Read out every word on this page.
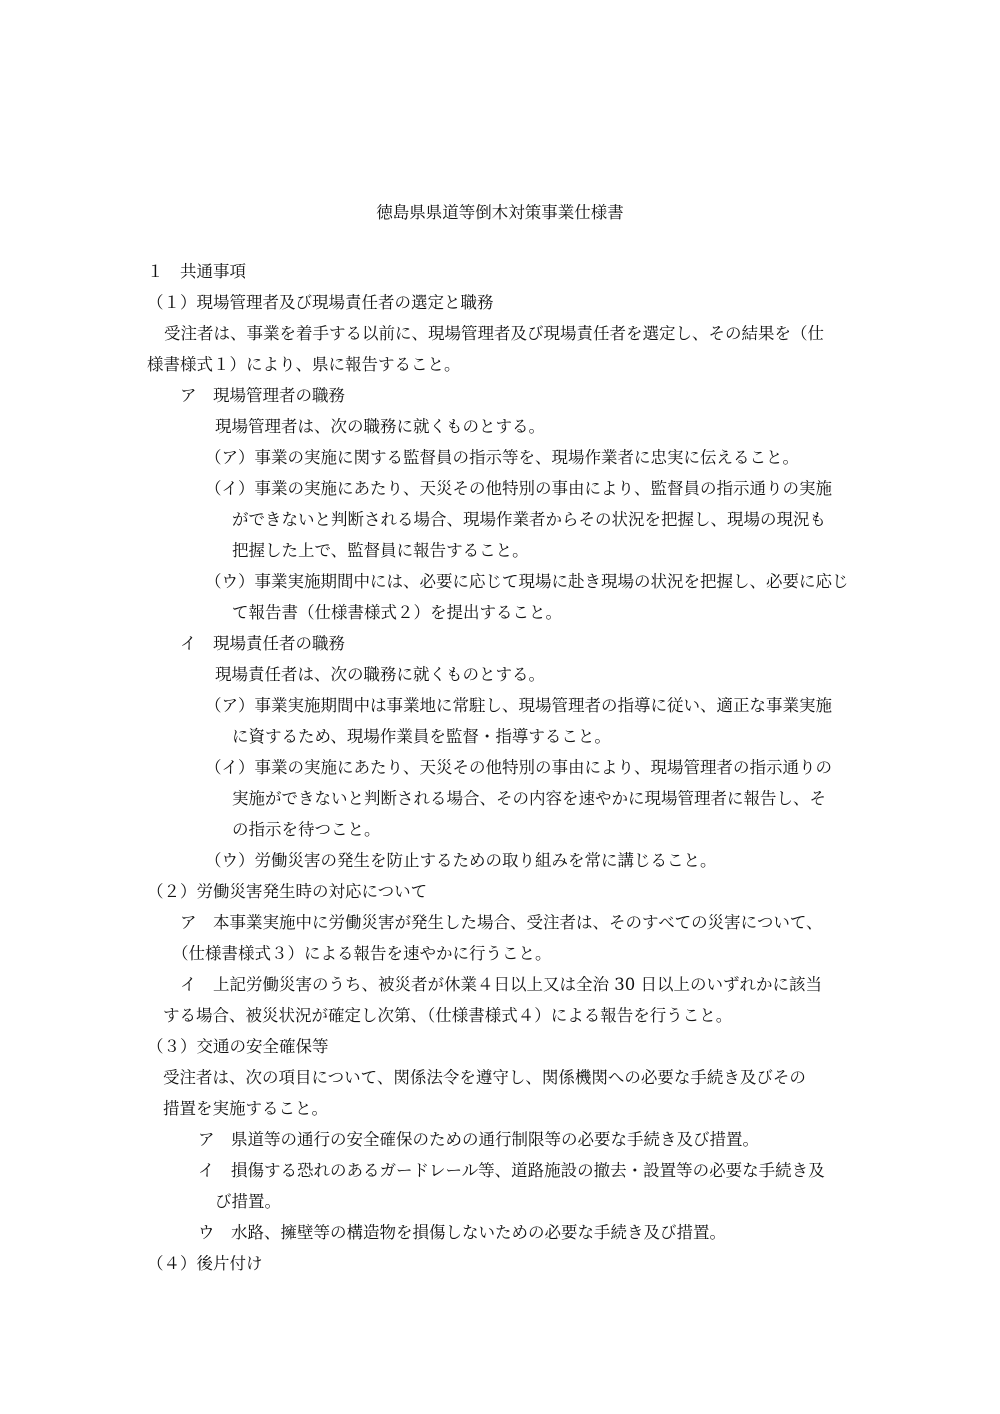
徳島県県道等倒木対策事業仕様書
１　共通事項
（１）現場管理者及び現場責任者の選定と職務
受注者は、事業を着手する以前に、現場管理者及び現場責任者を選定し、その結果を（仕
様書様式１）により、県に報告すること。
ア　現場管理者の職務
現場管理者は、次の職務に就くものとする。
（ア）事業の実施に関する監督員の指示等を、現場作業者に忠実に伝えること。
（イ）事業の実施にあたり、天災その他特別の事由により、監督員の指示通りの実施
ができないと判断される場合、現場作業者からその状況を把握し、現場の現況も
把握した上で、監督員に報告すること。
（ウ）事業実施期間中には、必要に応じて現場に赴き現場の状況を把握し、必要に応じ
て報告書（仕様書様式２）を提出すること。
イ　現場責任者の職務
現場責任者は、次の職務に就くものとする。
（ア）事業実施期間中は事業地に常駐し、現場管理者の指導に従い、適正な事業実施
に資するため、現場作業員を監督・指導すること。
（イ）事業の実施にあたり、天災その他特別の事由により、現場管理者の指示通りの
実施ができないと判断される場合、その内容を速やかに現場管理者に報告し、そ
の指示を待つこと。
（ウ）労働災害の発生を防止するための取り組みを常に講じること。
（２）労働災害発生時の対応について
ア　本事業実施中に労働災害が発生した場合、受注者は、そのすべての災害について、
（仕様書様式３）による報告を速やかに行うこと。
イ　上記労働災害のうち、被災者が休業４日以上又は全治 30 日以上のいずれかに該当
する場合、被災状況が確定し次第、（仕様書様式４）による報告を行うこと。
（３）交通の安全確保等
受注者は、次の項目について、関係法令を遵守し、関係機関への必要な手続き及びその
措置を実施すること。
ア　県道等の通行の安全確保のための通行制限等の必要な手続き及び措置。
イ　損傷する恐れのあるガードレール等、道路施設の撤去・設置等の必要な手続き及
び措置。
ウ　水路、擁壁等の構造物を損傷しないための必要な手続き及び措置。
（４）後片付け
